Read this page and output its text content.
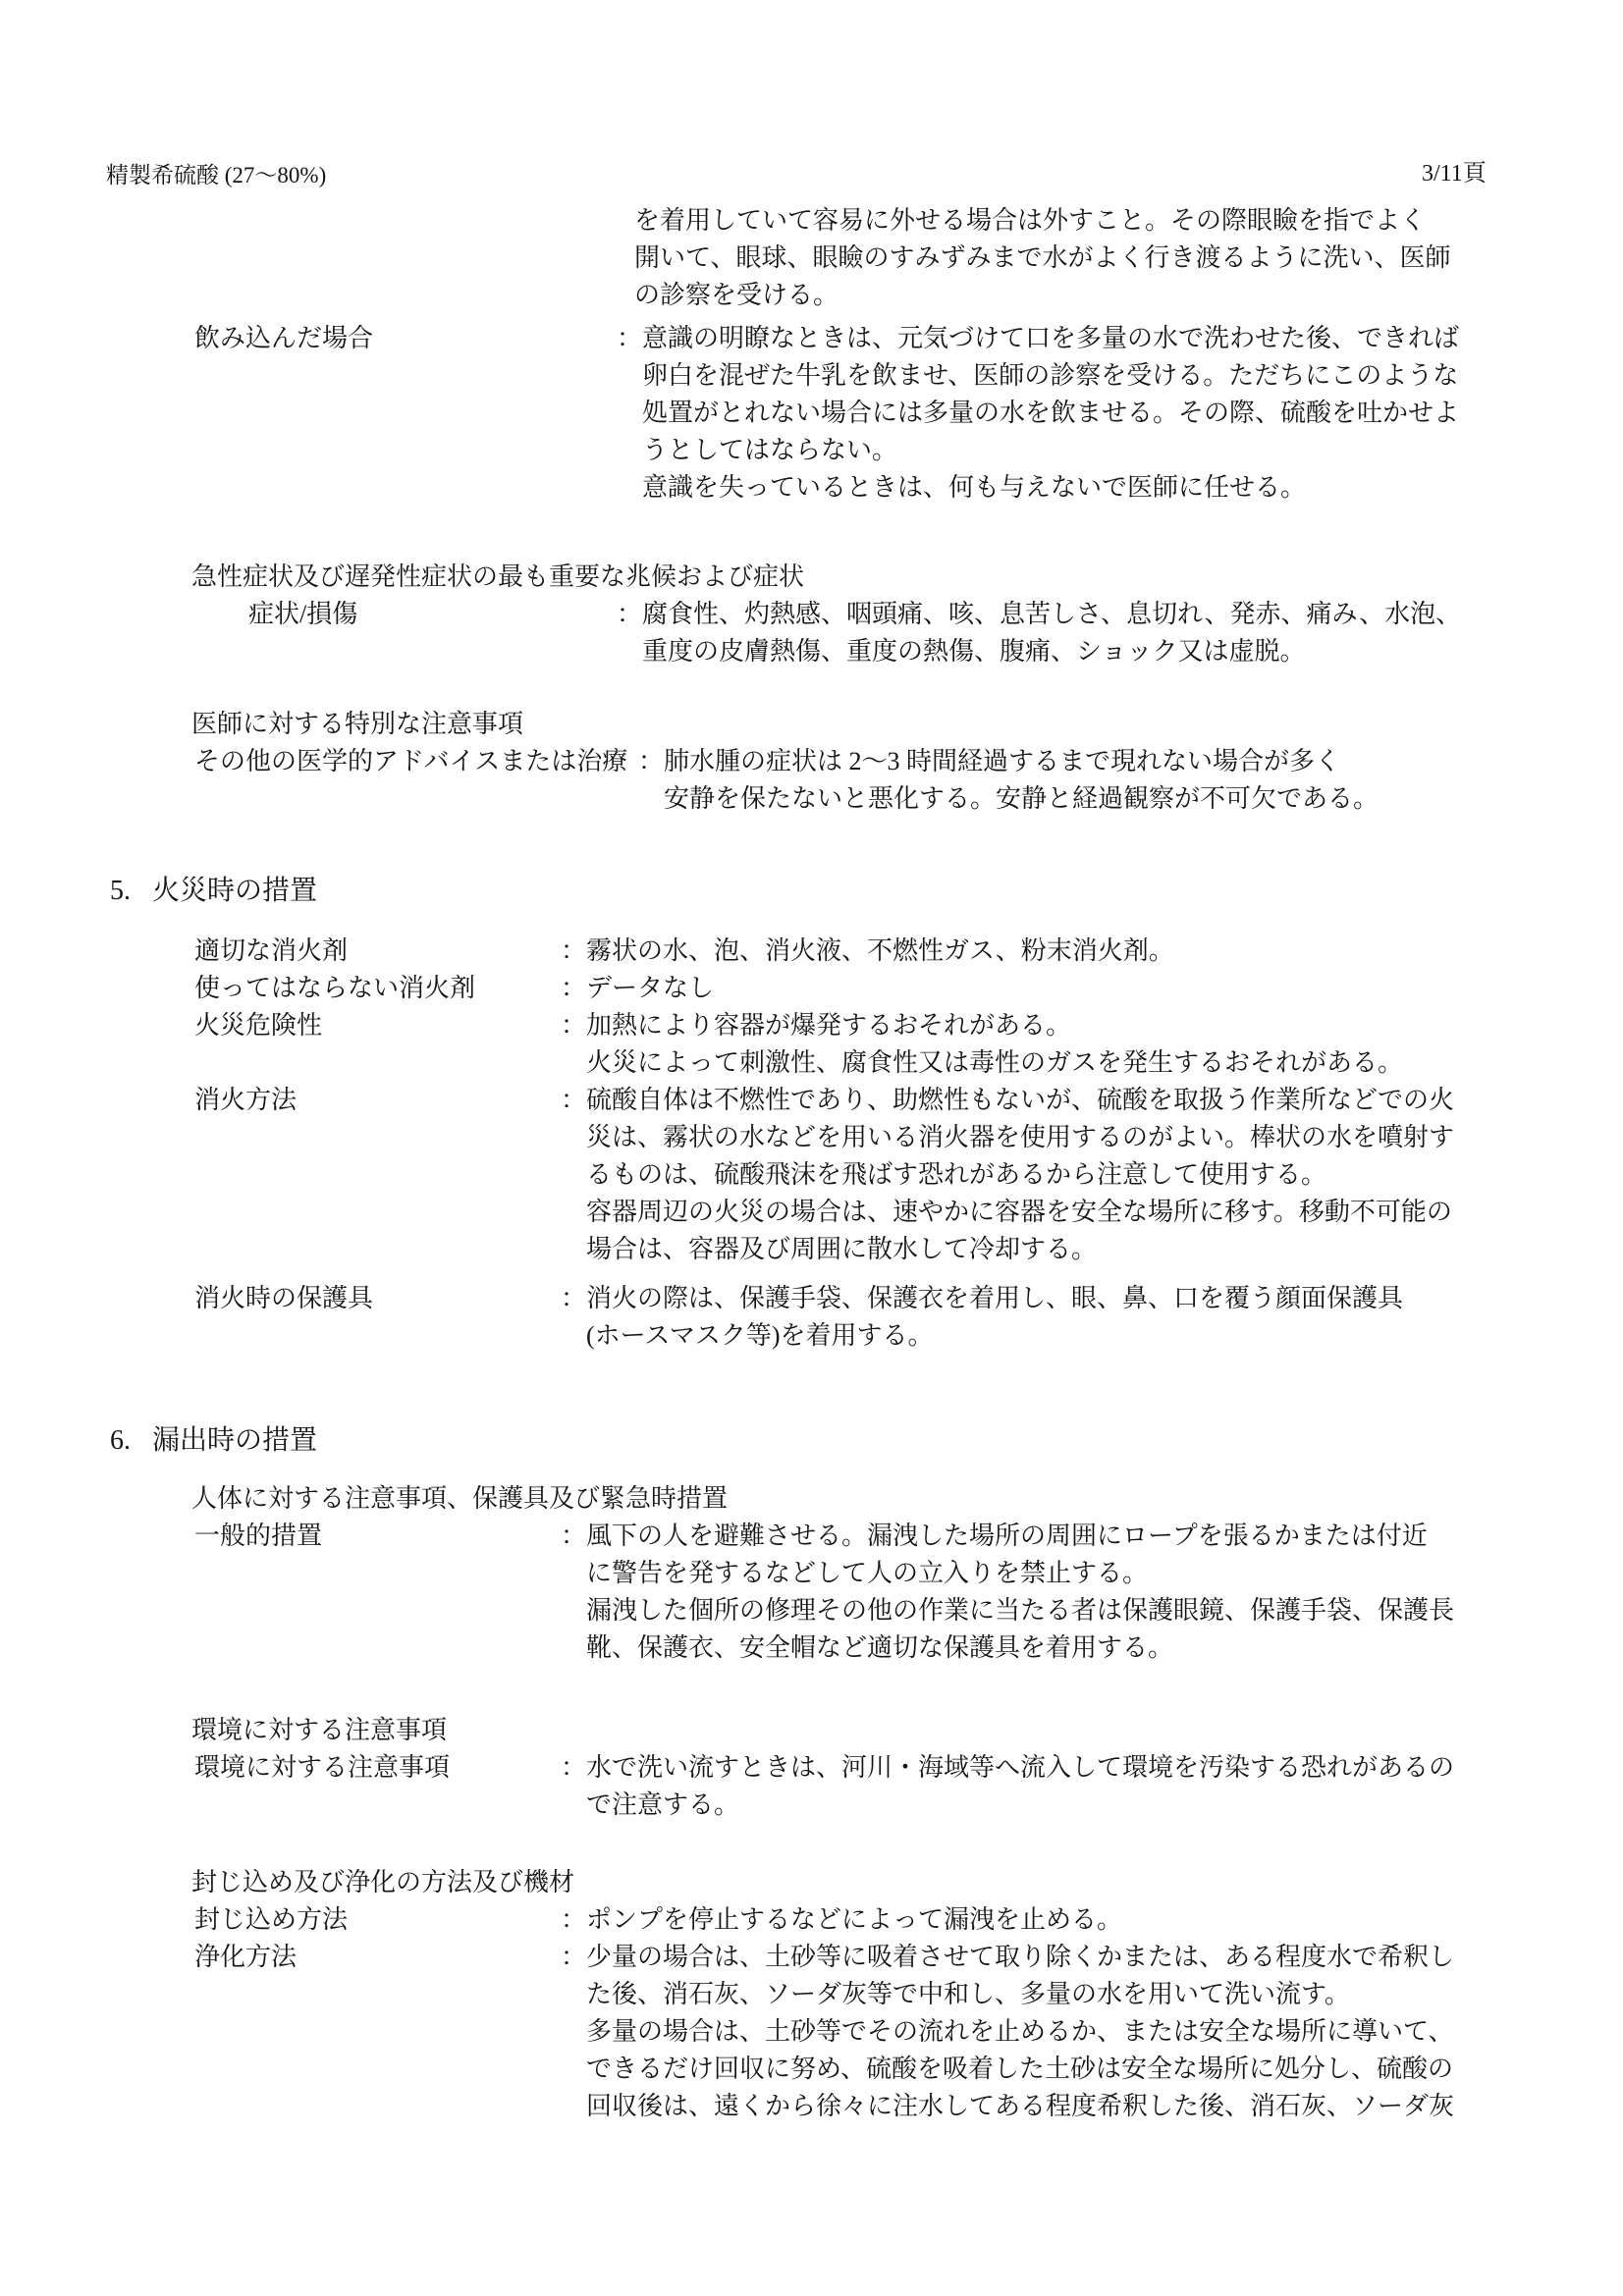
精製希硫酸 (27～80%)	3/11頁
を着用していて容易に外せる場合は外すこと。その際眼瞼を指でよく
開いて、眼球、眼瞼のすみずみまで水がよく行き渡るように洗い、医師
の診察を受ける。
飲み込んだ場合	：意識の明瞭なときは、元気づけて口を多量の水で洗わせた後、できれば
卵白を混ぜた牛乳を飲ませ、医師の診察を受ける。ただちにこのような
処置がとれない場合には多量の水を飲ませる。その際、硫酸を吐かせよ
うとしてはならない。
意識を失っているときは、何も与えないで医師に任せる。
急性症状及び遅発性症状の最も重要な兆候および症状
症状/損傷	：腐食性、灼熱感、咽頭痛、咳、息苦しさ、息切れ、発赤、痛み、水泡、
重度の皮膚熱傷、重度の熱傷、腹痛、ショック又は虚脱。
医師に対する特別な注意事項
その他の医学的アドバイスまたは治療 ：肺水腫の症状は 2～3 時間経過するまで現れない場合が多く
安静を保たないと悪化する。安静と経過観察が不可欠である。
5. 火災時の措置
適切な消火剤	：霧状の水、泡、消火液、不燃性ガス、粉末消火剤。
使ってはならない消火剤	：データなし
火災危険性	：加熱により容器が爆発するおそれがある。
火災によって刺激性、腐食性又は毒性のガスを発生するおそれがある。
消火方法	：硫酸自体は不燃性であり、助燃性もないが、硫酸を取扱う作業所などでの火
災は、霧状の水などを用いる消火器を使用するのがよい。棒状の水を噴射す
るものは、硫酸飛沫を飛ばす恐れがあるから注意して使用する。
容器周辺の火災の場合は、速やかに容器を安全な場所に移す。移動不可能の
場合は、容器及び周囲に散水して冷却する。
消火時の保護具	：消火の際は、保護手袋、保護衣を着用し、眼、鼻、口を覆う顔面保護具
(ホースマスク等)を着用する。
6. 漏出時の措置
人体に対する注意事項、保護具及び緊急時措置
一般的措置	：風下の人を避難させる。漏洩した場所の周囲にロープを張るかまたは付近
に警告を発するなどして人の立入りを禁止する。
漏洩した個所の修理その他の作業に当たる者は保護眼鏡、保護手袋、保護長
靴、保護衣、安全帽など適切な保護具を着用する。
環境に対する注意事項
環境に対する注意事項	：水で洗い流すときは、河川・海域等へ流入して環境を汚染する恐れがあるの
で注意する。
封じ込め及び浄化の方法及び機材
封じ込め方法	：ポンプを停止するなどによって漏洩を止める。
浄化方法	：少量の場合は、土砂等に吸着させて取り除くかまたは、ある程度水で希釈し
た後、消石灰、ソーダ灰等で中和し、多量の水を用いて洗い流す。
多量の場合は、土砂等でその流れを止めるか、または安全な場所に導いて、
できるだけ回収に努め、硫酸を吸着した土砂は安全な場所に処分し、硫酸の
回収後は、遠くから徐々に注水してある程度希釈した後、消石灰、ソーダ灰
